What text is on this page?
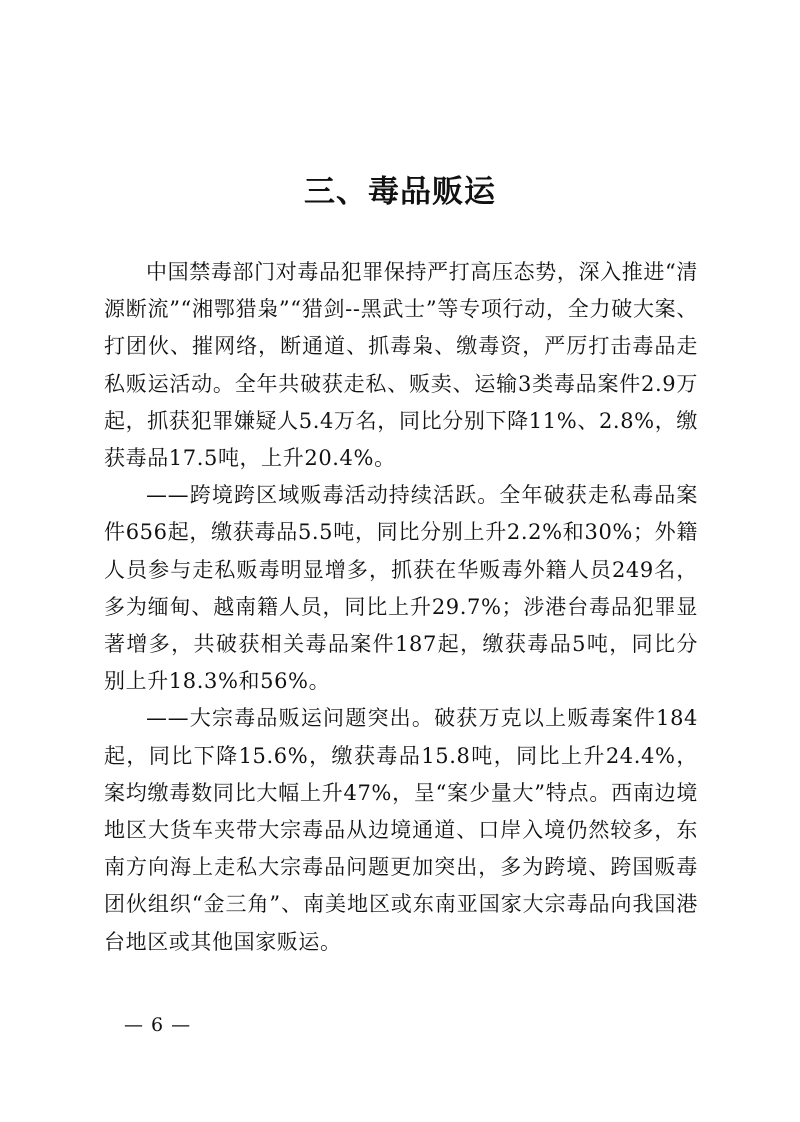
三、毒品贩运

中国禁毒部门对毒品犯罪保持严打高压态势，深入推进“清源断流”“湘鄂猎枭”“猎剑--黑武士”等专项行动，全力破大案、打团伙、摧网络，断通道、抓毒枭、缴毒资，严厉打击毒品走私贩运活动。全年共破获走私、贩卖、运输3类毒品案件2.9万起，抓获犯罪嫌疑人5.4万名，同比分别下降11%、2.8%，缴获毒品17.5吨，上升20.4%。

——跨境跨区域贩毒活动持续活跃。全年破获走私毒品案件656起，缴获毒品5.5吨，同比分别上升2.2%和30%；外籍人员参与走私贩毒明显增多，抓获在华贩毒外籍人员249名，多为缅甸、越南籍人员，同比上升29.7%；涉港台毒品犯罪显著增多，共破获相关毒品案件187起，缴获毒品5吨，同比分别上升18.3%和56%。

——大宗毒品贩运问题突出。破获万克以上贩毒案件184起，同比下降15.6%，缴获毒品15.8吨，同比上升24.4%，案均缴毒数同比大幅上升47%，呈“案少量大”特点。西南边境地区大货车夹带大宗毒品从边境通道、口岸入境仍然较多，东南方向海上走私大宗毒品问题更加突出，多为跨境、跨国贩毒团伙组织“金三角”、南美地区或东南亚国家大宗毒品向我国港台地区或其他国家贩运。

— 6 —
